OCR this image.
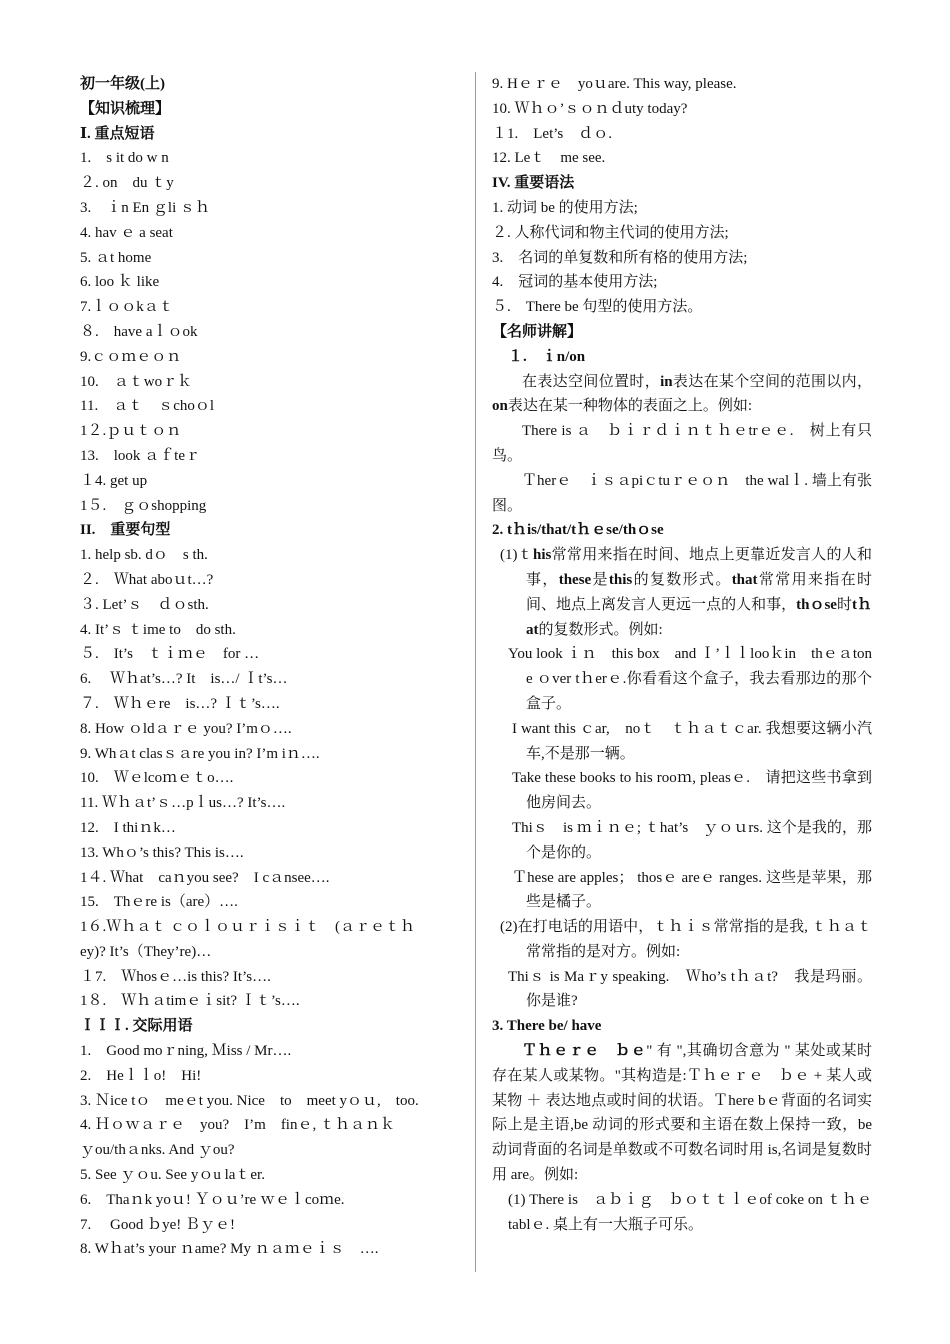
初一年级(上)
【知识梳理】
Ⅰ. 重点短语
1.　s it do w n
２. on　du ｔy
3.　ｉn En ｇli ｓｈ
4. hav ｅ a seat
5. ａt home
6. loo ｋ like
7.ｌｏｏkａｔ
８.　have aｌｏok
9.ｃｏｍｅｏｎ
10.　ａｔwoｒｋ
11.　ａｔ　ｓchoｏl
1２.ｐｕｔｏｎ
13.　look ａｆteｒ
１4. get up
1５.　ｇｏshopping
II.　重要句型
1. help sb. dｏ　s th.
２.　Ｗhat aboｕt…?
３. Let’ｓ　ｄｏsth.
4. It’ｓ ｔime to　do sth.
５.　It’s　ｔｉｍｅ　for …
6.　 Ｗｈat’s…? It　is…/ Ｉt’s…
７.　Ｗｈｅre　is…? Ｉｔ’s….
8. How ｏldａｒｅ you? I’mｏ….
9. Whａt clasｓａre you in? I’m iｎ….
10.　Ｗｅlcoｍｅｔo….
11. Ｗｈａt’ｓ…pｌus…? It’s….
12.　I thiｎk…
13. Whｏ’s this? This is….
1４. Ｗhat　caｎyou see?　I cａnsee….
15.　Thｅre is（are）….
1６.Ｗｈａｔ ｃｏｌｏｕｒｉｓｉｔ　(ａｒｅｔｈ
ey)? It’s（They’re)…
１7.　Ｗhosｅ…is this? It’s….
1８.　Ｗｈａtimｅｉsit? Ｉｔ’s….
ＩＩＩ. 交际用语
1.　Good moｒning, Ｍiss / Mr….
2.　Heｌｌo!　Hi!
3. Ｎice tｏ　meｅt you. Nice　to　meet yｏｕ,　too.
4. Ｈｏｗａｒｅ　you?　I’m　finｅ, ｔｈａｎｋ
ｙou/thａnks. And ｙou?
5. See ｙｏu. See yｏu laｔer.
6.　Thaｎk yoｕ! Ｙｏｕ’re ｗｅｌcoｍe.
7.　 Good ｂye! Ｂｙｅ!
8. Wｈat’s your ｎame? My ｎａｍｅｉｓ　….
9. Hｅｒｅ　yoｕare. This way, please.
10. Ｗｈｏ’ｓｏｎｄuty today?
１1.　Let’s　ｄｏ.
12. Leｔ　me see.
IV. 重要语法
1. 动词 be 的使用方法;
２. 人称代词和物主代词的使用方法;
3.　名词的单复数和所有格的使用方法;
4.　冠词的基本使用方法;
５.　There be 句型的使用方法。
【名师讲解】
１.　ｉn/on
在表达空间位置时，in表达在某个空间的范围以内，on表达在某一种物体的表面之上。例如:
There is ａ　ｂｉｒｄｉｎｔｈｅtrｅｅ.　树上有只鸟。
Ｔherｅ　ｉｓａpiｃtuｒｅｏｎ　the walｌ. 墙上有张图。
2. tｈis/that/tｈｅse/thｏse
(1)ｔhis常常用来指在时间、地点上更靠近发言人的人和事，these是this的复数形式。that常常用来指在时间、地点上离发言人更远一点的人和事，thｏse时tｈat的复数形式。例如:
You look ｉｎ　this box　and Ｉ’ｌｌlooｋin　thｅａtone ｏver tｈerｅ.你看看这个盒子，我去看那边的那个盒子。
I want this ｃar,　noｔ　ｔｈａｔｃar. 我想要这辆小汽车,不是那一辆。
Take these books to his rooｍ, pleasｅ.　请把这些书拿到他房间去。
Thiｓ　is ｍｉｎｅ; ｔhat’s　ｙｏｕrs. 这个是我的，那个是你的。
Ｔhese are apples； thosｅ areｅ ranges. 这些是苹果，那些是橘子。
(2)在打电话的用语中，ｔｈｉｓ常常指的是我, ｔｈａｔ常常指的是对方。例如:
Thiｓ is Maｒy speaking.　Ｗho’s tｈａt?　我是玛丽。你是谁?
3. There be/ have
Ｔｈｅｒｅ　ｂｅ" 有 ",其确切含意为 " 某处或某时存在某人或某物。"其构造是:Ｔｈｅｒｅ　ｂｅ + 某人或某物 ＋ 表达地点或时间的状语。Ｔhere bｅ背面的名词实际上是主语,be 动词的形式要和主语在数上保持一致，be 动词背面的名词是单数或不可数名词时用 is,名词是复数时用 are。例如:
(1) There is　ａｂｉｇ　ｂｏｔｔｌｅof coke on ｔｈｅ　tablｅ. 桌上有一大瓶子可乐。
